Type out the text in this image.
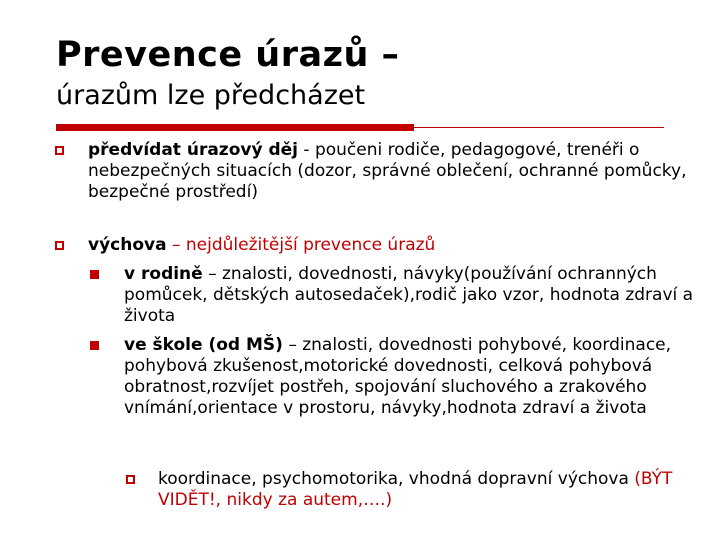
Prevence úrazů –
úrazům lze předcházet
předvídat úrazový děj - poučeni rodiče, pedagogové, trenéři o nebezpečných situacích (dozor, správné oblečení, ochranné pomůcky, bezpečné prostředí)
výchova – nejdůležitější prevence úrazů
v rodině – znalosti, dovednosti, návyky(používání ochranných pomůcek, dětských autosedaček),rodič jako vzor, hodnota zdraví a života
ve škole (od MŠ) – znalosti, dovednosti pohybové, koordinace, pohybová zkušenost,motorické dovednosti, celková pohybová obratnost,rozvíjet postřeh, spojování sluchového a zrakového vnímání,orientace v prostoru, návyky,hodnota zdraví a života
koordinace, psychomotorika, vhodná dopravní výchova (BÝT VIDĚT!, nikdy za autem,….)
